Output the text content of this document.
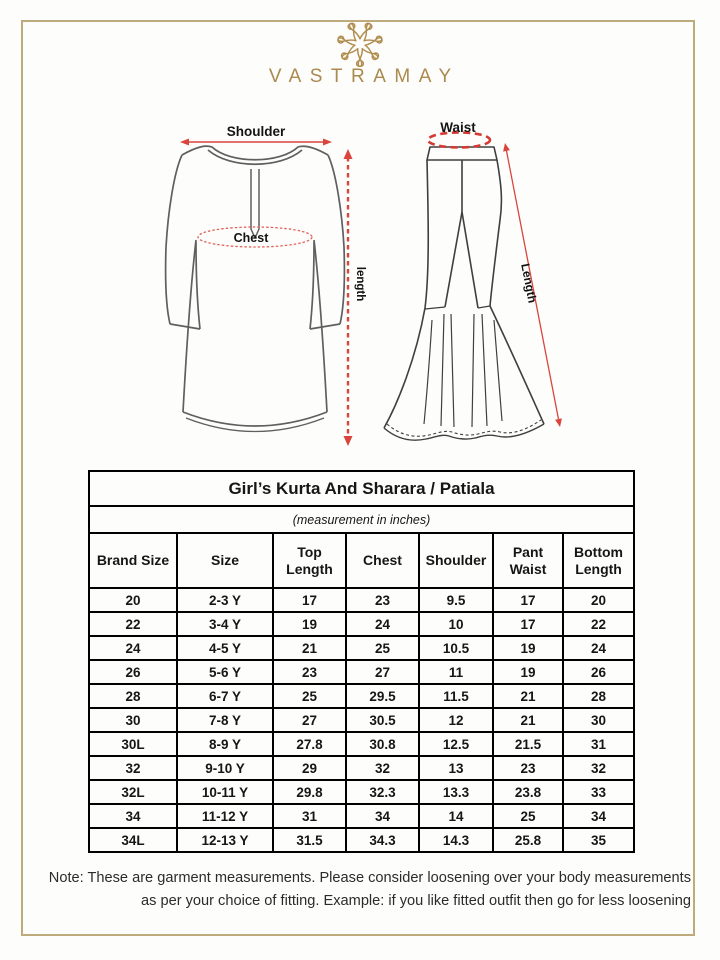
VASTRAMAY
Shoulder
Chest
length
Waist
Length
Girl’s Kurta And Sharara / Patiala						
(measurement in inches)						
Brand Size	Size	Top Length	Chest	Shoulder	Pant Waist	Bottom Length
20	2-3 Y	17	23	9.5	17	20
22	3-4 Y	19	24	10	17	22
24	4-5 Y	21	25	10.5	19	24
26	5-6 Y	23	27	11	19	26
28	6-7 Y	25	29.5	11.5	21	28
30	7-8 Y	27	30.5	12	21	30
30L	8-9 Y	27.8	30.8	12.5	21.5	31
32	9-10 Y	29	32	13	23	32
32L	10-11 Y	29.8	32.3	13.3	23.8	33
34	11-12 Y	31	34	14	25	34
34L	12-13 Y	31.5	34.3	14.3	25.8	35
Note: These are garment measurements. Please consider loosening over your body measurements as per your choice of fitting. Example: if you like fitted outfit then go for less loosening
